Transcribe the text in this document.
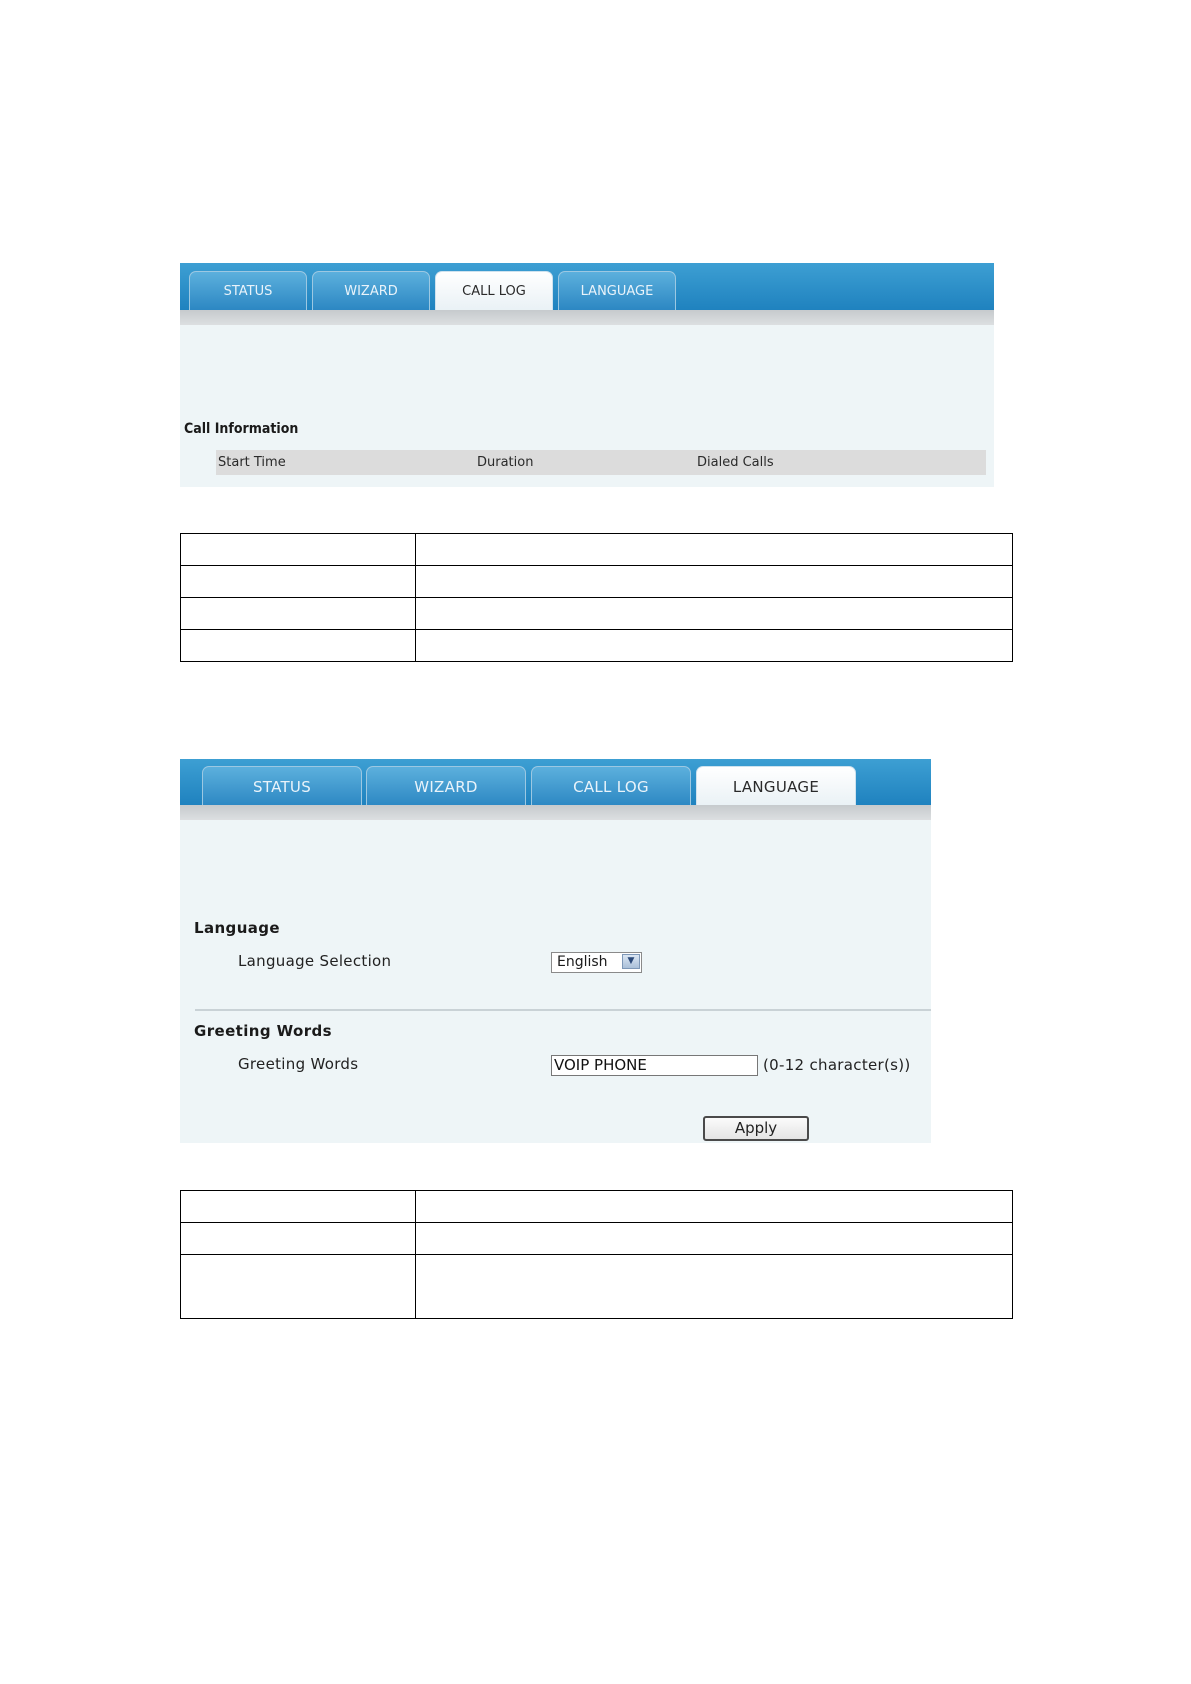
STATUS	WIZARD	CALL LOG	LANGUAGE
Call Information
Start Time	Duration	Dialed Calls

STATUS	WIZARD	CALL LOG	LANGUAGE
Language
Language Selection	English	▼
Greeting Words
Greeting Words	VOIP PHONE	(0-12 character(s))
Apply
